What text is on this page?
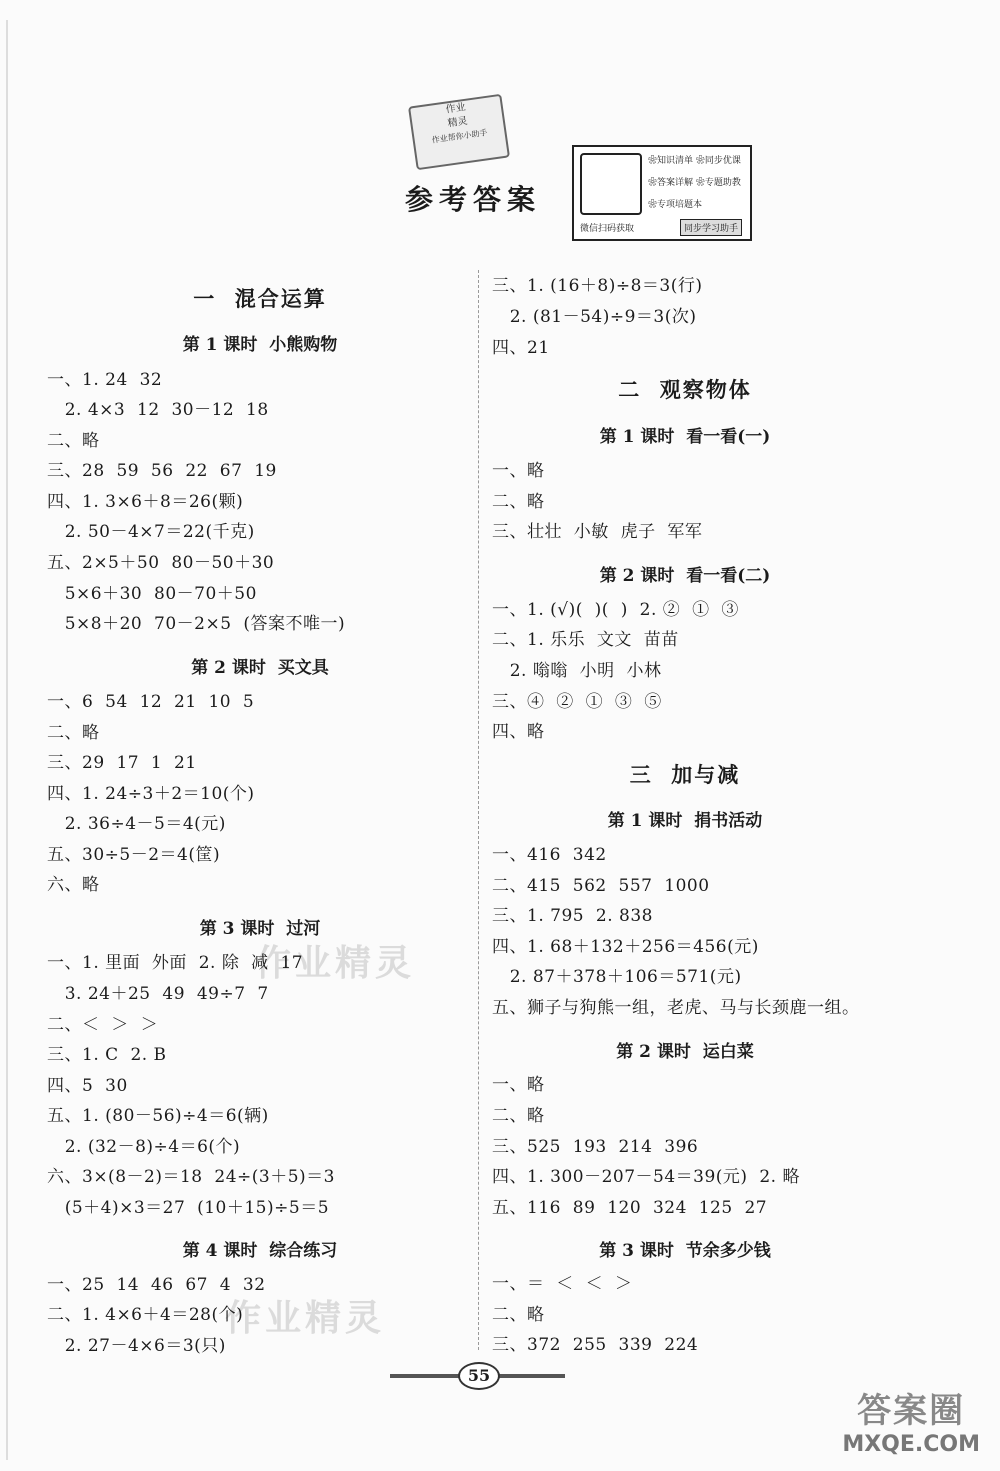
作业
精灵
作业帮你小助手
参考答案
❀知识清单 ❀同步优课
❀答案详解 ❀专题助教
❀专项培题本
微信扫码获取	同步学习助手
作业精灵
作业精灵
一  混合运算
第 1 课时  小熊购物
一、1. 24  32
2. 4×3  12  30－12  18
二、略
三、28  59  56  22  67  19
四、1. 3×6＋8＝26(颗)
2. 50－4×7＝22(千克)
五、2×5＋50  80－50＋30
5×6＋30  80－70＋50
5×8＋20  70－2×5  (答案不唯一)
第 2 课时  买文具
一、6  54  12  21  10  5
二、略
三、29  17  1  21
四、1. 24÷3＋2＝10(个)
2. 36÷4－5＝4(元)
五、30÷5－2＝4(筐)
六、略
第 3 课时  过河
一、1. 里面  外面  2. 除  减  17
3. 24＋25  49  49÷7  7
二、＜  ＞  ＞
三、1. C  2. B
四、5  30
五、1. (80－56)÷4＝6(辆)
2. (32－8)÷4＝6(个)
六、3×(8－2)＝18  24÷(3＋5)＝3
(5＋4)×3＝27  (10＋15)÷5＝5
第 4 课时  综合练习
一、25  14  46  67  4  32
二、1. 4×6＋4＝28(个)
2. 27－4×6＝3(只)
三、1. (16＋8)÷8＝3(行)
2. (81－54)÷9＝3(次)
四、21
二  观察物体
第 1 课时  看一看(一)
一、略
二、略
三、壮壮  小敏  虎子  军军
第 2 课时  看一看(二)
一、1. (√)(  )(  )  2. ②  ①  ③
二、1. 乐乐  文文  苗苗
2. 嗡嗡  小明  小林
三、④  ②  ①  ③  ⑤
四、略
三  加与减
第 1 课时  捐书活动
一、416  342
二、415  562  557  1000
三、1. 795  2. 838
四、1. 68＋132＋256＝456(元)
2. 87＋378＋106＝571(元)
五、狮子与狗熊一组，老虎、马与长颈鹿一组。
第 2 课时  运白菜
一、略
二、略
三、525  193  214  396
四、1. 300－207－54＝39(元)  2. 略
五、116  89  120  324  125  27
第 3 课时  节余多少钱
一、＝  ＜  ＜  ＞
二、略
三、372  255  339  224
55
答案圈
MXQE.COM
